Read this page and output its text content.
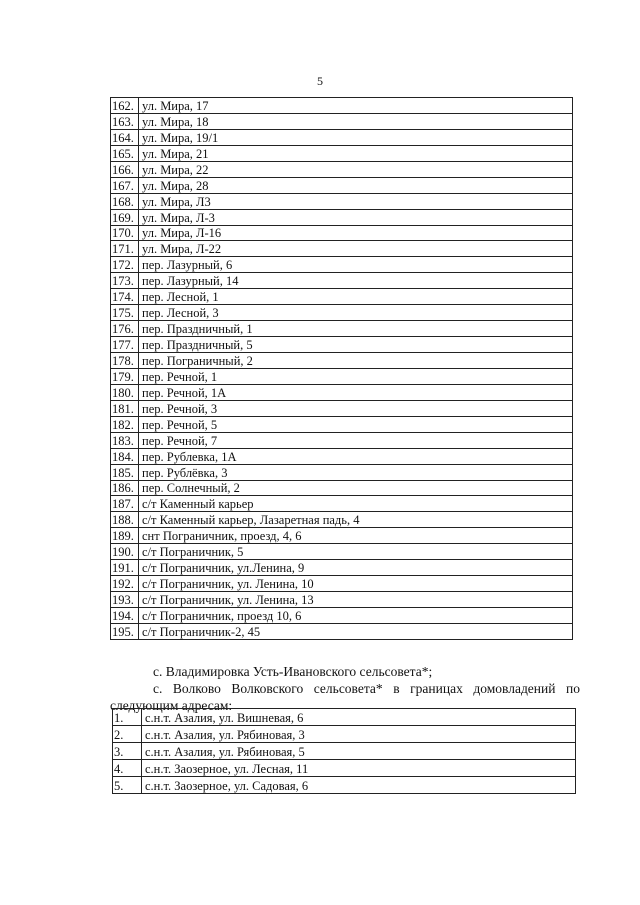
5
162.	ул. Мира, 17
163.	ул. Мира, 18
164.	ул. Мира, 19/1
165.	ул. Мира, 21
166.	ул. Мира, 22
167.	ул. Мира, 28
168.	ул. Мира, Л3
169.	ул. Мира, Л-3
170.	ул. Мира, Л-16
171.	ул. Мира, Л-22
172.	пер. Лазурный, 6
173.	пер. Лазурный, 14
174.	пер. Лесной, 1
175.	пер. Лесной, 3
176.	пер. Праздничный, 1
177.	пер. Праздничный, 5
178.	пер. Пограничный, 2
179.	пер. Речной, 1
180.	пер. Речной, 1А
181.	пер. Речной, 3
182.	пер. Речной, 5
183.	пер. Речной, 7
184.	пер. Рублевка, 1А
185.	пер. Рублёвка, 3
186.	пер. Солнечный, 2
187.	с/т Каменный карьер
188.	с/т Каменный карьер, Лазаретная падь, 4
189.	снт Пограничник, проезд, 4, 6
190.	с/т Пограничник, 5
191.	с/т Пограничник, ул.Ленина, 9
192.	с/т Пограничник, ул. Ленина, 10
193.	с/т Пограничник, ул. Ленина, 13
194.	с/т Пограничник, проезд 10, 6
195.	с/т Пограничник-2, 45

с. Владимировка Усть-Ивановского сельсовета*;

с. Волково Волковского сельсовета* в границах домовладений по следующим адресам:

1.	с.н.т. Азалия, ул. Вишневая, 6
2.	с.н.т. Азалия, ул. Рябиновая, 3
3.	с.н.т. Азалия, ул. Рябиновая, 5
4.	с.н.т. Заозерное, ул. Лесная, 11
5.	с.н.т. Заозерное, ул. Садовая, 6
